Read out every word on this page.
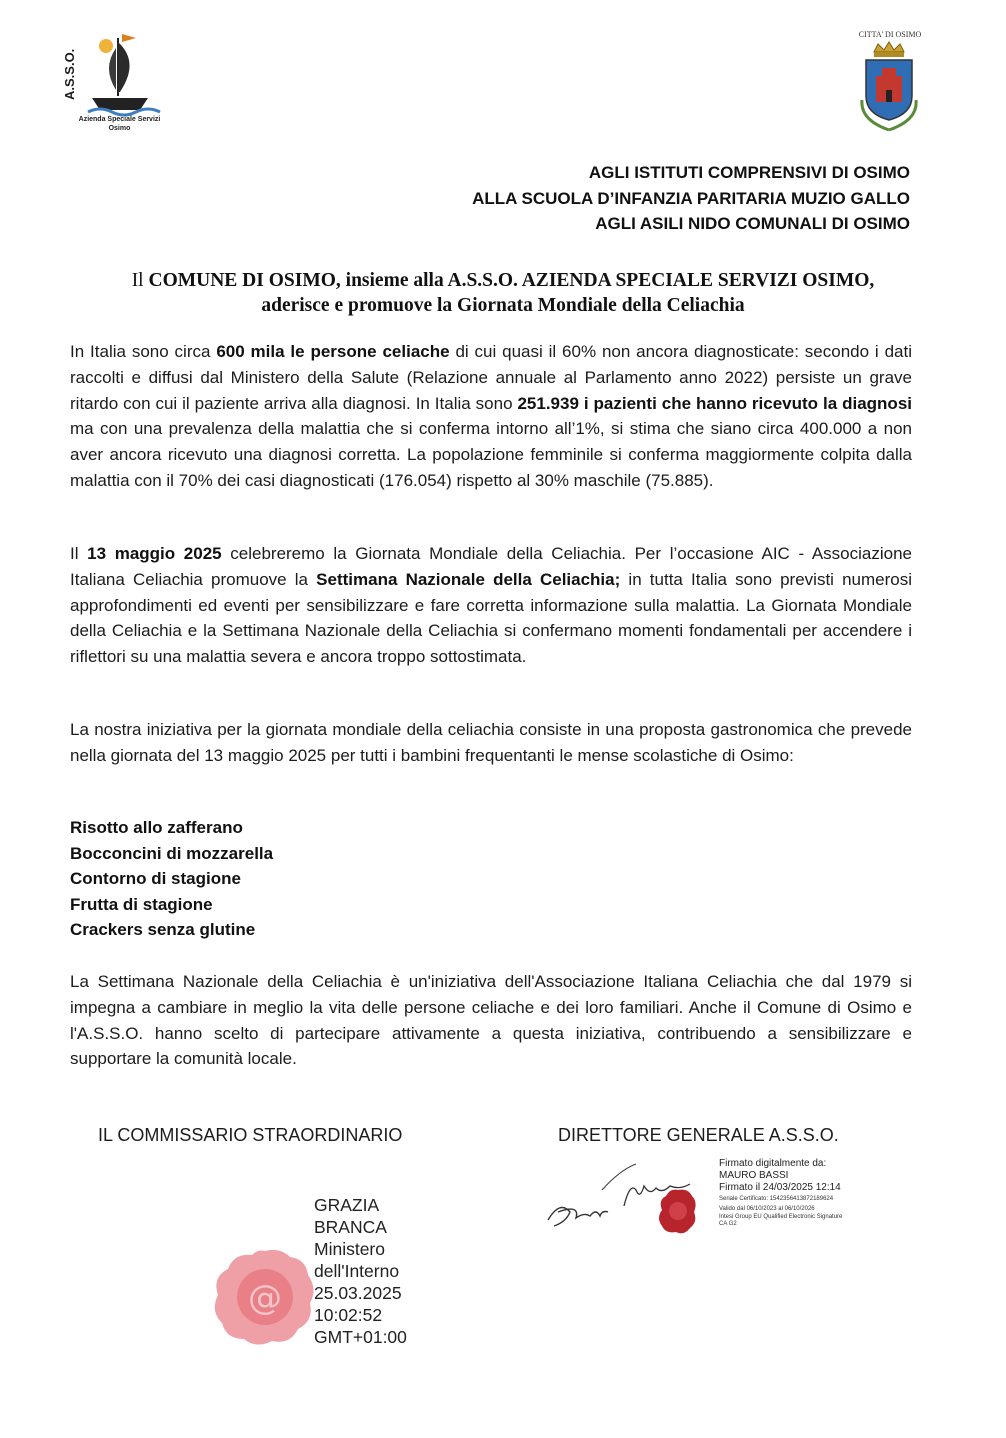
A.S.S.O.
Azienda Speciale Servizi
Osimo
CITTA' DI OSIMO
AGLI ISTITUTI COMPRENSIVI DI OSIMO
ALLA SCUOLA D’INFANZIA PARITARIA MUZIO GALLO
AGLI ASILI NIDO COMUNALI DI OSIMO
Il COMUNE DI OSIMO, insieme alla A.S.S.O. AZIENDA SPECIALE SERVIZI OSIMO,
aderisce e promuove la Giornata Mondiale della Celiachia
In Italia sono circa 600 mila le persone celiache di cui quasi il 60% non ancora diagnosticate: secondo i dati raccolti e diffusi dal Ministero della Salute (Relazione annuale al Parlamento anno 2022) persiste un grave ritardo con cui il paziente arriva alla diagnosi. In Italia sono 251.939 i pazienti che hanno ricevuto la diagnosi ma con una prevalenza della malattia che si conferma intorno all’1%, si stima che siano circa 400.000 a non aver ancora ricevuto una diagnosi corretta. La popolazione femminile si conferma maggiormente colpita dalla malattia con il 70% dei casi diagnosticati (176.054) rispetto al 30% maschile (75.885).
Il 13 maggio 2025 celebreremo la Giornata Mondiale della Celiachia. Per l’occasione AIC - Associazione Italiana Celiachia promuove la Settimana Nazionale della Celiachia; in tutta Italia sono previsti numerosi approfondimenti ed eventi per sensibilizzare e fare corretta informazione sulla malattia. La Giornata Mondiale della Celiachia e la Settimana Nazionale della Celiachia si confermano momenti fondamentali per accendere i riflettori su una malattia severa e ancora troppo sottostimata.
La nostra iniziativa per la giornata mondiale della celiachia consiste in una proposta gastronomica che prevede nella giornata del 13 maggio 2025 per tutti i bambini frequentanti le mense scolastiche di Osimo:
Risotto allo zafferano
Bocconcini di mozzarella
Contorno di stagione
Frutta di stagione
Crackers senza glutine
La Settimana Nazionale della Celiachia è un'iniziativa dell'Associazione Italiana Celiachia che dal 1979 si impegna a cambiare in meglio la vita delle persone celiache e dei loro familiari. Anche il Comune di Osimo e l'A.S.S.O. hanno scelto di partecipare attivamente a questa iniziativa, contribuendo a sensibilizzare e supportare la comunità locale.
IL COMMISSARIO STRAORDINARIO	DIRETTORE GENERALE A.S.S.O.
@
GRAZIA
BRANCA
Ministero
dell'Interno
25.03.2025
10:02:52
GMT+01:00
Firmato digitalmente da:
MAURO BASSI
Firmato il 24/03/2025 12:14
Seriale Certificato: 1542356413872189624
Valido dal 06/10/2023 al 06/10/2026
Intesi Group EU Qualified Electronic Signature
CA G2
